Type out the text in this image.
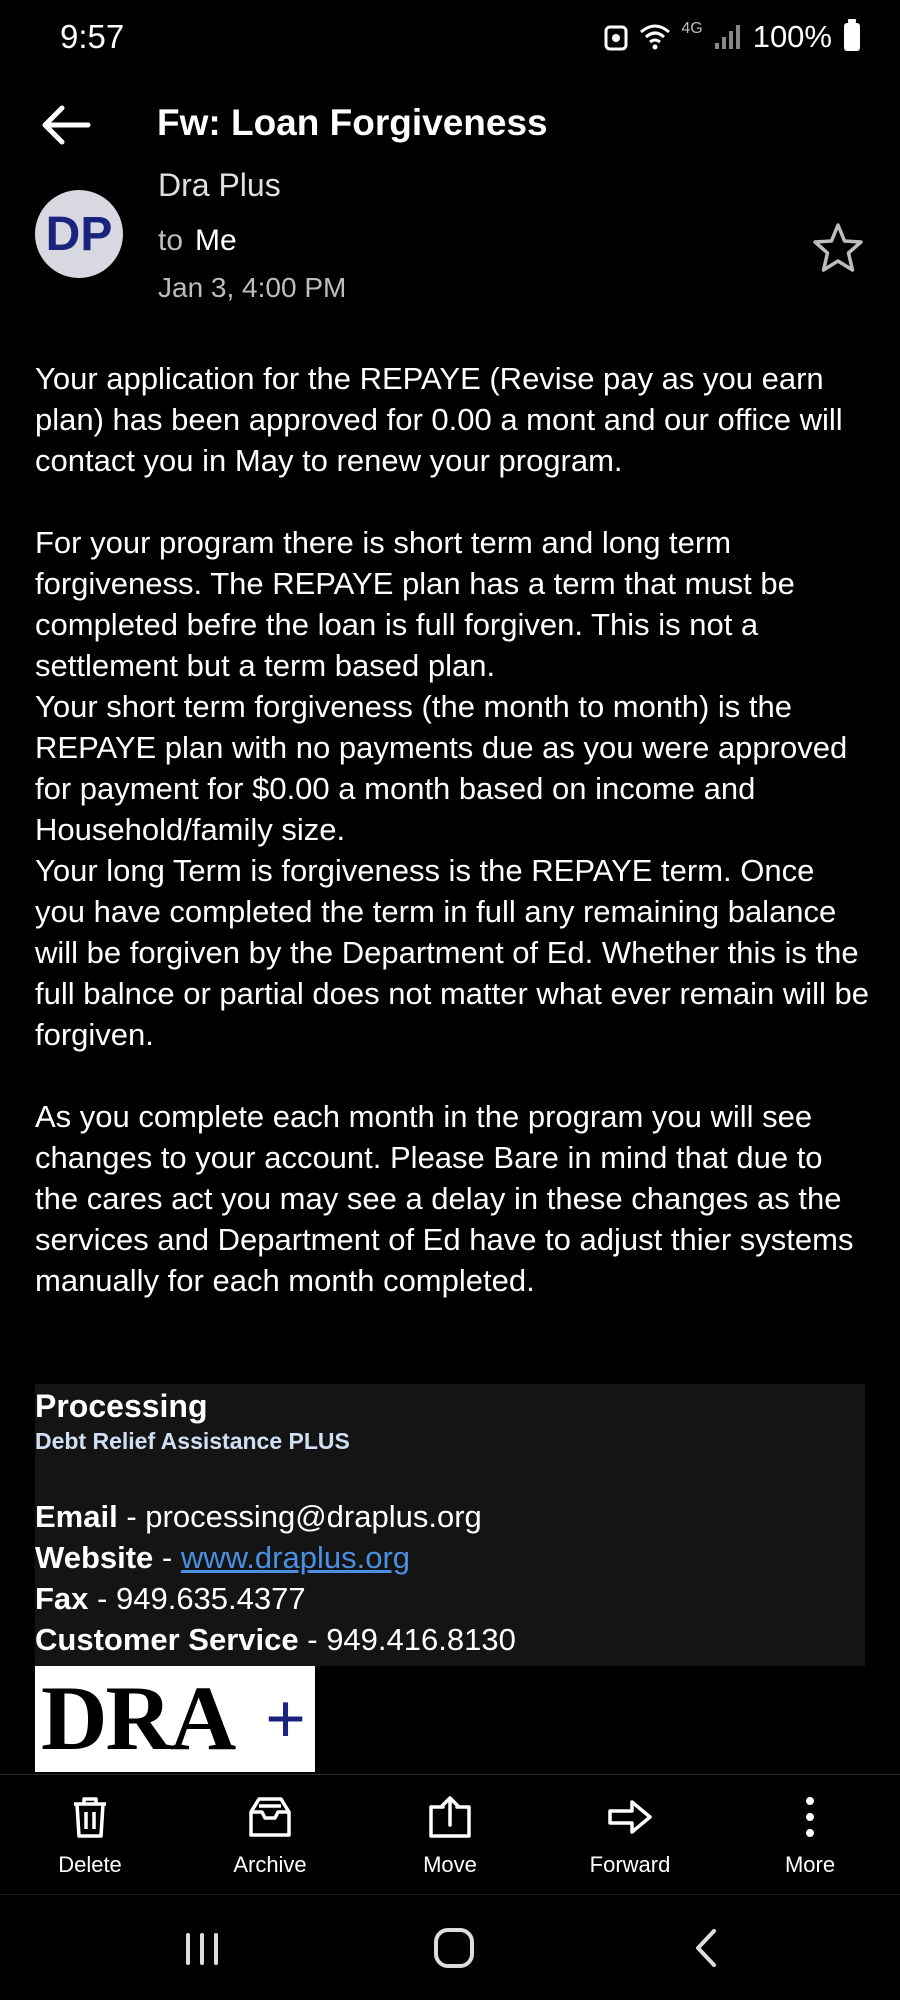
9:57	4G 100%
Fw: Loan Forgiveness
DP
Dra Plus
to Me
Jan 3, 4:00 PM

Your application for the REPAYE (Revise pay as you earn plan) has been approved for 0.00 a mont and our office will contact you in May to renew your program.

For your program there is short term and long term forgiveness. The REPAYE plan has a term that must be completed befre the loan is full forgiven. This is not a settlement but a term based plan.

Your short term forgiveness (the month to month) is the REPAYE plan with no payments due as you were approved for payment for $0.00 a month based on income and Household/family size.

Your long Term is forgiveness is the REPAYE term. Once you have completed the term in full any remaining balance will be forgiven by the Department of Ed. Whether this is the full balnce or partial does not matter what ever remain will be forgiven.

As you complete each month in the program you will see changes to your account. Please Bare in mind that due to the cares act you may see a delay in these changes as the services and Department of Ed have to adjust thier systems manually for each month completed.

Processing
Debt Relief Assistance PLUS
Email - processing@draplus.org
Website - www.draplus.org
Fax - 949.635.4377
Customer Service - 949.416.8130
DRA +
Delete	Archive	Move	Forward	More
